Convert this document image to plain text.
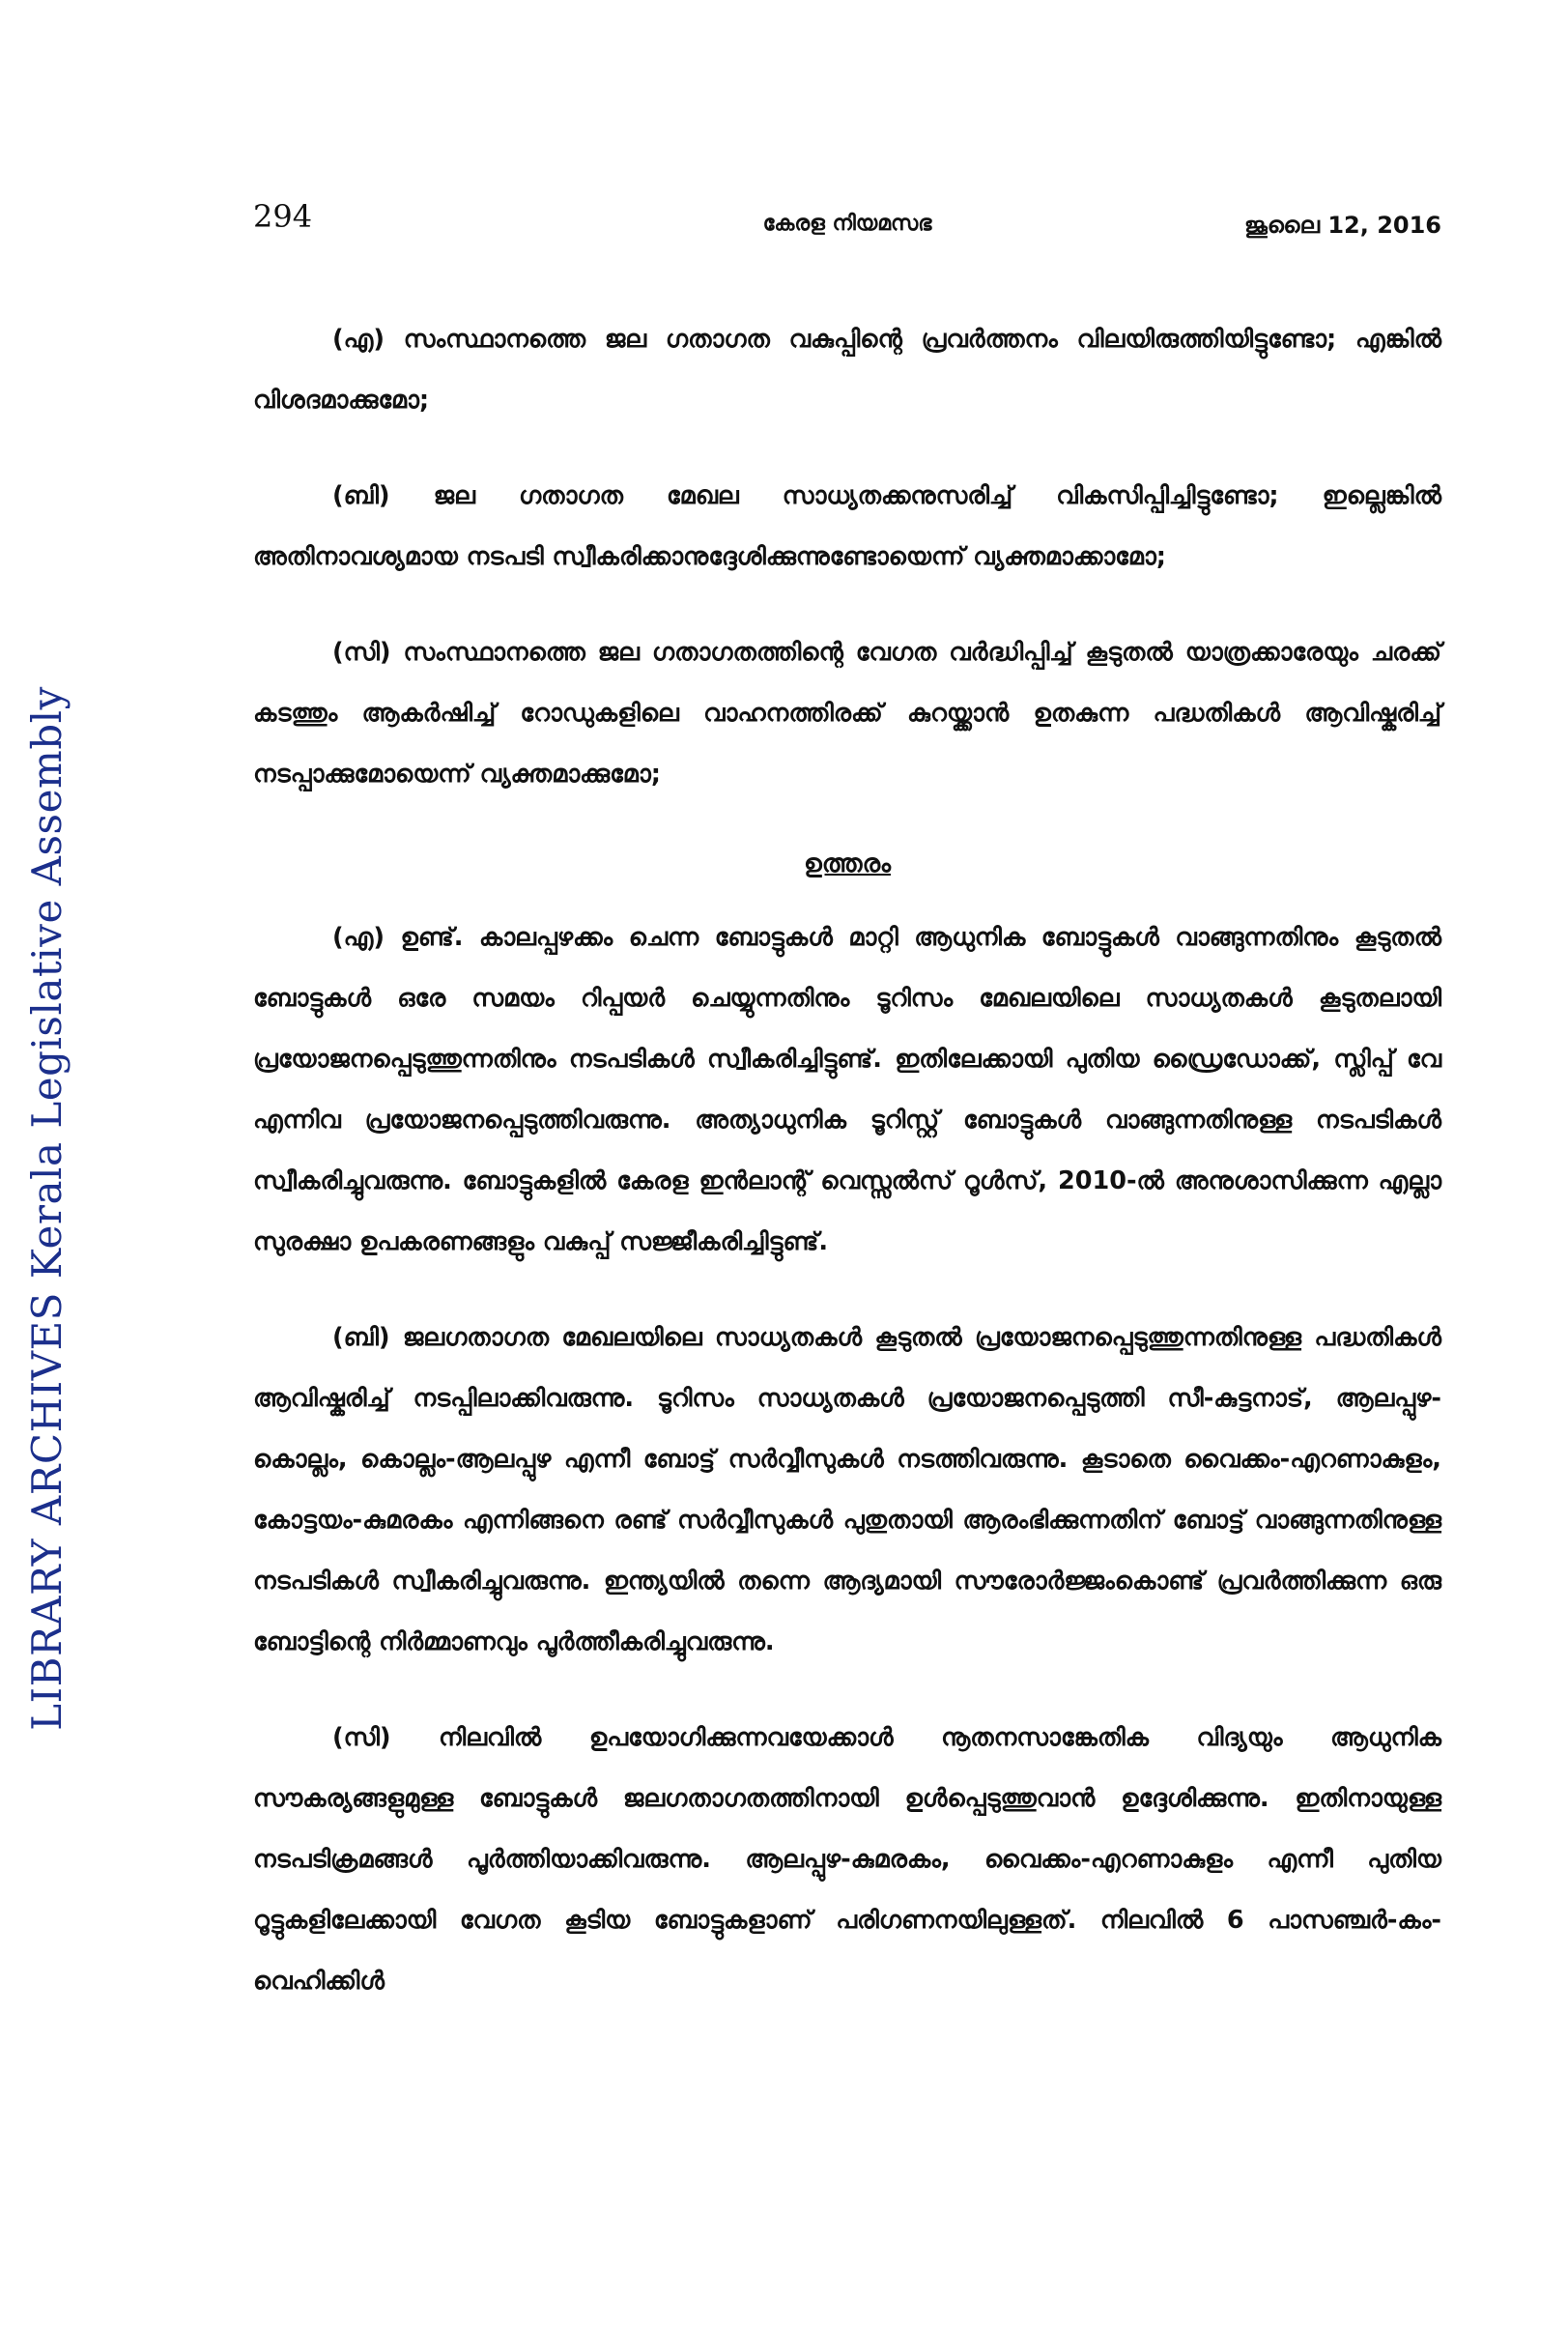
LIBRARY ARCHIVES Kerala Legislative Assembly
294	കേരള നിയമസഭ	ജൂലൈ 12, 2016

(എ) സംസ്ഥാനത്തെ ജല ഗതാഗത വകുപ്പിന്റെ പ്രവർത്തനം വിലയിരുത്തിയിട്ടുണ്ടോ; എങ്കിൽ വിശദമാക്കുമോ;

(ബി) ജല ഗതാഗത മേഖല സാധ്യതക്കനുസരിച്ച് വികസിപ്പിച്ചിട്ടുണ്ടോ; ഇല്ലെങ്കിൽ അതിനാവശ്യമായ നടപടി സ്വീകരിക്കാനുദ്ദേശിക്കുന്നുണ്ടോയെന്ന് വ്യക്തമാക്കാമോ;

(സി) സംസ്ഥാനത്തെ ജല ഗതാഗതത്തിന്റെ വേഗത വർദ്ധിപ്പിച്ച് കൂടുതൽ യാത്രക്കാരേയും ചരക്ക് കടത്തും ആകർഷിച്ച് റോഡുകളിലെ വാഹനത്തിരക്ക് കുറയ്ക്കാൻ ഉതകുന്ന പദ്ധതികൾ ആവിഷ്കരിച്ച് നടപ്പാക്കുമോയെന്ന് വ്യക്തമാക്കുമോ;

ഉത്തരം

(എ) ഉണ്ട്. കാലപ്പഴക്കം ചെന്ന ബോട്ടുകൾ മാറ്റി ആധുനിക ബോട്ടുകൾ വാങ്ങുന്നതിനും കൂടുതൽ ബോട്ടുകൾ ഒരേ സമയം റിപ്പയർ ചെയ്യുന്നതിനും ടൂറിസം മേഖലയിലെ സാധ്യതകൾ കൂടുതലായി പ്രയോജനപ്പെടുത്തുന്നതിനും നടപടികൾ സ്വീകരിച്ചിട്ടുണ്ട്. ഇതിലേക്കായി പുതിയ ഡ്രൈഡോക്ക്, സ്ലിപ്പ് വേ എന്നിവ പ്രയോജനപ്പെടുത്തിവരുന്നു. അത്യാധുനിക ടൂറിസ്റ്റ് ബോട്ടുകൾ വാങ്ങുന്നതിനുള്ള നടപടികൾ സ്വീകരിച്ചുവരുന്നു. ബോട്ടുകളിൽ കേരള ഇൻലാന്റ് വെസ്സൽസ് റൂൾസ്, 2010-ൽ അനുശാസിക്കുന്ന എല്ലാ സുരക്ഷാ ഉപകരണങ്ങളും വകുപ്പ് സജ്ജീകരിച്ചിട്ടുണ്ട്.

(ബി) ജലഗതാഗത മേഖലയിലെ സാധ്യതകൾ കൂടുതൽ പ്രയോജനപ്പെടുത്തുന്നതിനുള്ള പദ്ധതികൾ ആവിഷ്കരിച്ച് നടപ്പിലാക്കിവരുന്നു. ടൂറിസം സാധ്യതകൾ പ്രയോജനപ്പെടുത്തി സീ-കുട്ടനാട്, ആലപ്പുഴ-കൊല്ലം, കൊല്ലം-ആലപ്പുഴ എന്നീ ബോട്ട് സർവ്വീസുകൾ നടത്തിവരുന്നു. കൂടാതെ വൈക്കം-എറണാകുളം, കോട്ടയം-കുമരകം എന്നിങ്ങനെ രണ്ട് സർവ്വീസുകൾ പുതുതായി ആരംഭിക്കുന്നതിന് ബോട്ട് വാങ്ങുന്നതിനുള്ള നടപടികൾ സ്വീകരിച്ചുവരുന്നു. ഇന്ത്യയിൽ തന്നെ ആദ്യമായി സൗരോർജ്ജംകൊണ്ട് പ്രവർത്തിക്കുന്ന ഒരു ബോട്ടിന്റെ നിർമ്മാണവും പൂർത്തീകരിച്ചുവരുന്നു.

(സി) നിലവിൽ ഉപയോഗിക്കുന്നവയേക്കാൾ നൂതനസാങ്കേതിക വിദ്യയും ആധുനിക സൗകര്യങ്ങളുമുള്ള ബോട്ടുകൾ ജലഗതാഗതത്തിനായി ഉൾപ്പെടുത്തുവാൻ ഉദ്ദേശിക്കുന്നു. ഇതിനായുള്ള നടപടിക്രമങ്ങൾ പൂർത്തിയാക്കിവരുന്നു. ആലപ്പുഴ-കുമരകം, വൈക്കം-എറണാകുളം എന്നീ പുതിയ റൂട്ടുകളിലേക്കായി വേഗത കൂടിയ ബോട്ടുകളാണ് പരിഗണനയിലുള്ളത്. നിലവിൽ 6 പാസഞ്ചർ-കം-വെഹിക്കിൾ
